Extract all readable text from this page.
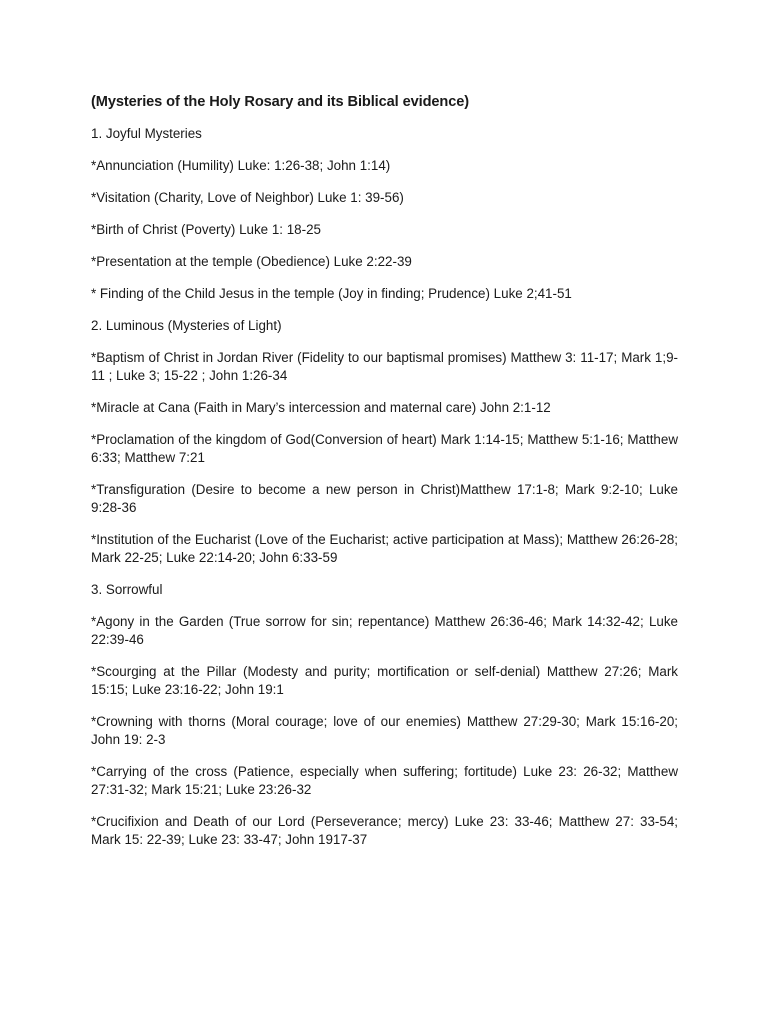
(Mysteries of the Holy Rosary and its Biblical evidence)

1. Joyful Mysteries

*Annunciation (Humility) Luke: 1:26-38; John 1:14)

*Visitation (Charity, Love of Neighbor) Luke 1: 39-56)

*Birth of Christ (Poverty) Luke 1: 18-25

*Presentation at the temple (Obedience) Luke 2:22-39

* Finding of the Child Jesus in the temple (Joy in finding; Prudence) Luke 2;41-51

2. Luminous (Mysteries of Light)

*Baptism of Christ in Jordan River (Fidelity to our baptismal promises) Matthew 3: 11-17; Mark 1;9-11 ; Luke 3; 15-22 ; John 1:26-34

*Miracle at Cana (Faith in Mary’s intercession and maternal care) John 2:1-12

*Proclamation of the kingdom of God(Conversion of heart) Mark 1:14-15; Matthew 5:1-16; Matthew 6:33; Matthew 7:21

*Transfiguration (Desire to become a new person in Christ)Matthew 17:1-8; Mark 9:2-10; Luke 9:28-36

*Institution of the Eucharist (Love of the Eucharist; active participation at Mass); Matthew 26:26-28; Mark 22-25; Luke 22:14-20; John 6:33-59

3. Sorrowful

*Agony in the Garden (True sorrow for sin; repentance) Matthew 26:36-46; Mark 14:32-42; Luke 22:39-46

*Scourging at the Pillar (Modesty and purity; mortification or self-denial) Matthew 27:26; Mark 15:15; Luke 23:16-22; John 19:1

*Crowning with thorns (Moral courage; love of our enemies) Matthew 27:29-30; Mark 15:16-20; John 19: 2-3

*Carrying of the cross (Patience, especially when suffering; fortitude) Luke 23: 26-32; Matthew 27:31-32; Mark 15:21; Luke 23:26-32

*Crucifixion and Death of our Lord (Perseverance; mercy) Luke 23: 33-46; Matthew 27: 33-54; Mark 15: 22-39; Luke 23: 33-47; John 1917-37
